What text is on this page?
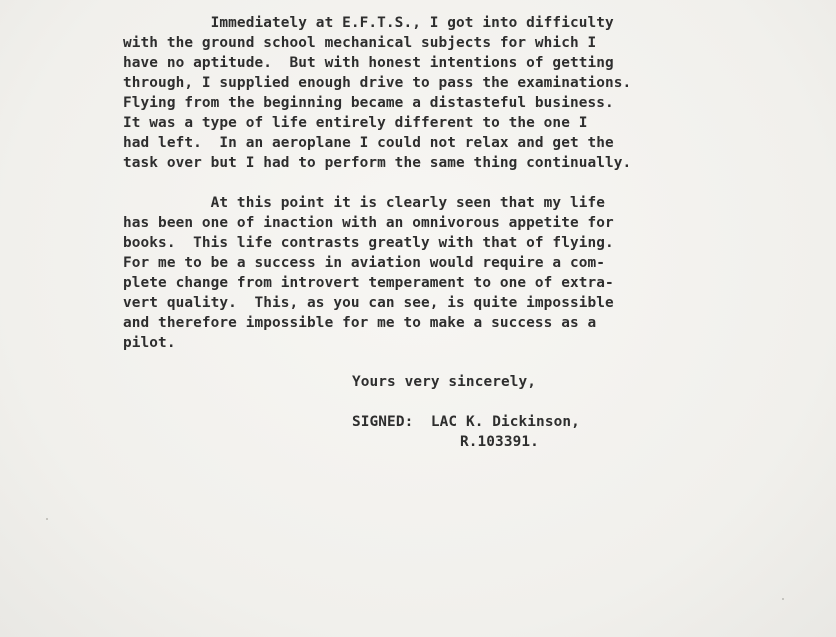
Immediately at E.F.T.S., I got into difficulty
with the ground school mechanical subjects for which I
have no aptitude.  But with honest intentions of getting
through, I supplied enough drive to pass the examinations.
Flying from the beginning became a distasteful business.
It was a type of life entirely different to the one I
had left.  In an aeroplane I could not relax and get the
task over but I had to perform the same thing continually.
At this point it is clearly seen that my life
has been one of inaction with an omnivorous appetite for
books.  This life contrasts greatly with that of flying.
For me to be a success in aviation would require a com-
plete change from introvert temperament to one of extra-
vert quality.  This, as you can see, is quite impossible
and therefore impossible for me to make a success as a
pilot.
Yours very sincerely,
SIGNED: LAC K. Dickinson,
R.103391.
